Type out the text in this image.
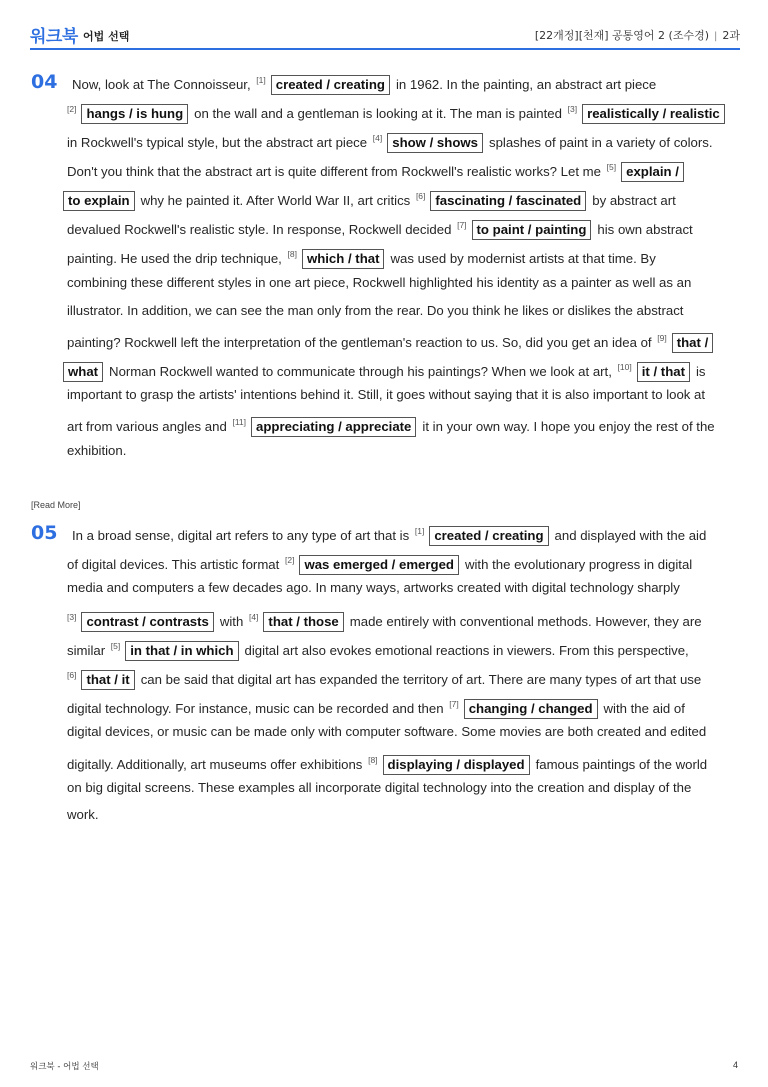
워크북 어법 선택	[22개정][천재] 공통영어 2 (조수경) | 2과
04 Now, look at The Connoisseur, [1] created / creating in 1962. In the painting, an abstract art piece
[2] hangs / is hung on the wall and a gentleman is looking at it. The man is painted [3] realistically / realistic
in Rockwell's typical style, but the abstract art piece [4] show / shows splashes of paint in a variety of colors.
Don't you think that the abstract art is quite different from Rockwell's realistic works? Let me [5] explain /
to explain why he painted it. After World War II, art critics [6] fascinating / fascinated by abstract art
devalued Rockwell's realistic style. In response, Rockwell decided [7] to paint / painting his own abstract
painting. He used the drip technique, [8] which / that was used by modernist artists at that time. By
combining these different styles in one art piece, Rockwell highlighted his identity as a painter as well as an
illustrator. In addition, we can see the man only from the rear. Do you think he likes or dislikes the abstract
painting? Rockwell left the interpretation of the gentleman's reaction to us. So, did you get an idea of [9] that /
what Norman Rockwell wanted to communicate through his paintings? When we look at art, [10] it / that is
important to grasp the artists' intentions behind it. Still, it goes without saying that it is also important to look at
art from various angles and [11] appreciating / appreciate it in your own way. I hope you enjoy the rest of the
exhibition.
[Read More]
05 In a broad sense, digital art refers to any type of art that is [1] created / creating and displayed with the aid
of digital devices. This artistic format [2] was emerged / emerged with the evolutionary progress in digital
media and computers a few decades ago. In many ways, artworks created with digital technology sharply
[3] contrast / contrasts with [4] that / those made entirely with conventional methods. However, they are
similar [5] in that / in which digital art also evokes emotional reactions in viewers. From this perspective,
[6] that / it can be said that digital art has expanded the territory of art. There are many types of art that use
digital technology. For instance, music can be recorded and then [7] changing / changed with the aid of
digital devices, or music can be made only with computer software. Some movies are both created and edited
digitally. Additionally, art museums offer exhibitions [8] displaying / displayed famous paintings of the world
on big digital screens. These examples all incorporate digital technology into the creation and display of the
work.
워크북 - 어법 선택	4
